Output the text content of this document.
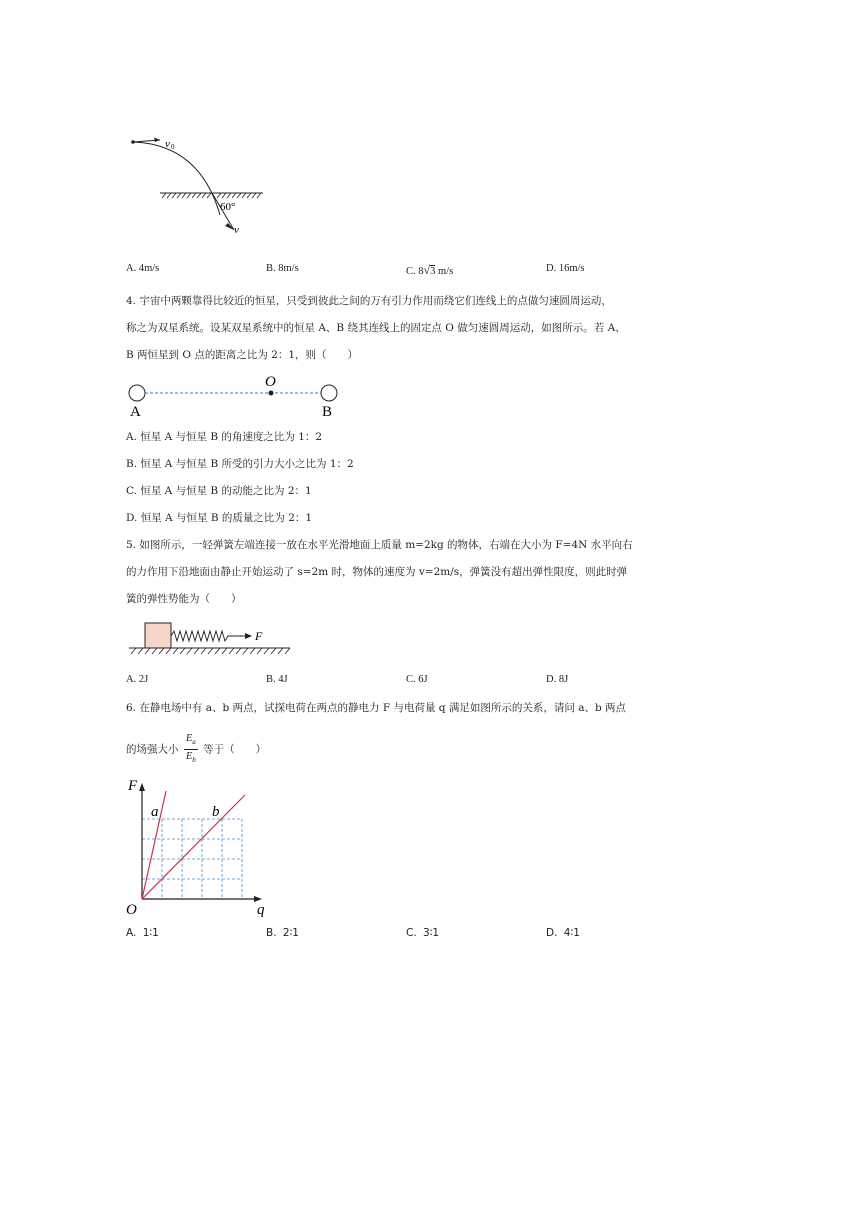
v 0
60°
v
A. 4m/s	B. 8m/s	C. 8√3 m/s	D. 16m/s
4. 宇宙中两颗靠得比较近的恒星，只受到彼此之间的万有引力作用而绕它们连线上的点做匀速圆周运动，
称之为双星系统。设某双星系统中的恒星 A、B 绕其连线上的固定点 O 做匀速圆周运动，如图所示。若 A、
B 两恒星到 O 点的距离之比为 2：1，则（　　）
A
O
B
A. 恒星 A 与恒星 B 的角速度之比为 1：2
B. 恒星 A 与恒星 B 所受的引力大小之比为 1：2
C. 恒星 A 与恒星 B 的动能之比为 2：1
D. 恒星 A 与恒星 B 的质量之比为 2：1
5. 如图所示，一轻弹簧左端连接一放在水平光滑地面上质量 m=2kg 的物体，右端在大小为 F=4N 水平向右
的力作用下沿地面由静止开始运动了 s=2m 时，物体的速度为 v=2m/s，弹簧没有超出弹性限度，则此时弹
簧的弹性势能为（　　）
F
A. 2J	B. 4J	C. 6J	D. 8J
6. 在静电场中有 a、b 两点，试探电荷在两点的静电力 F 与电荷量 q 满足如图所示的关系，请问 a、b 两点
的场强大小 $\frac{E_a}{E_b}$ 等于（　　）
F
O	q
a	b
A. 1∶1	B. 2∶1	C. 3∶1	D. 4∶1
